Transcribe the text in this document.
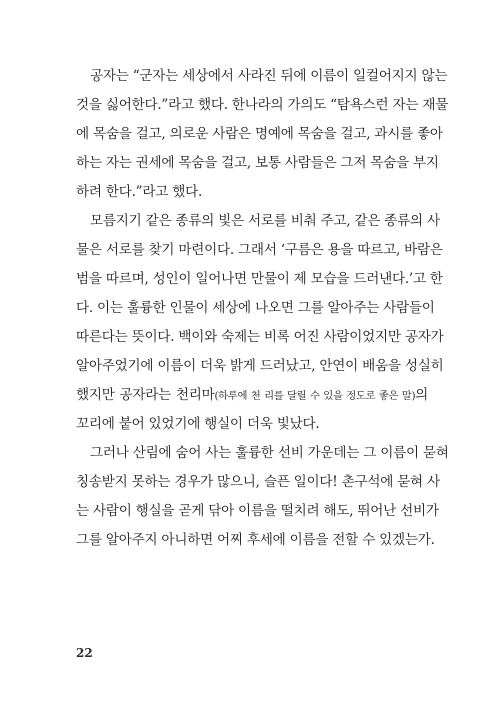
공자는 “군자는 세상에서 사라진 뒤에 이름이 일컬어지지 않는
것을 싫어한다.”라고 했다. 한나라의 가의도 “탐욕스런 자는 재물
에 목숨을 걸고, 의로운 사람은 명예에 목숨을 걸고, 과시를 좋아
하는 자는 권세에 목숨을 걸고, 보통 사람들은 그저 목숨을 부지
하려 한다.”라고 했다.
모름지기 같은 종류의 빛은 서로를 비춰 주고, 같은 종류의 사
물은 서로를 찾기 마련이다. 그래서 ‘구름은 용을 따르고, 바람은
범을 따르며, 성인이 일어나면 만물이 제 모습을 드러낸다.’고 한
다. 이는 훌륭한 인물이 세상에 나오면 그를 알아주는 사람들이
따른다는 뜻이다. 백이와 숙제는 비록 어진 사람이었지만 공자가
알아주었기에 이름이 더욱 밝게 드러났고, 안연이 배움을 성실히
했지만 공자라는 천리마(하루에 천 리를 달릴 수 있을 정도로 좋은 말)의
꼬리에 붙어 있었기에 행실이 더욱 빛났다.
그러나 산림에 숨어 사는 훌륭한 선비 가운데는 그 이름이 묻혀
칭송받지 못하는 경우가 많으니, 슬픈 일이다! 촌구석에 묻혀 사
는 사람이 행실을 곧게 닦아 이름을 떨치려 해도, 뛰어난 선비가
그를 알아주지 아니하면 어찌 후세에 이름을 전할 수 있겠는가.
22
